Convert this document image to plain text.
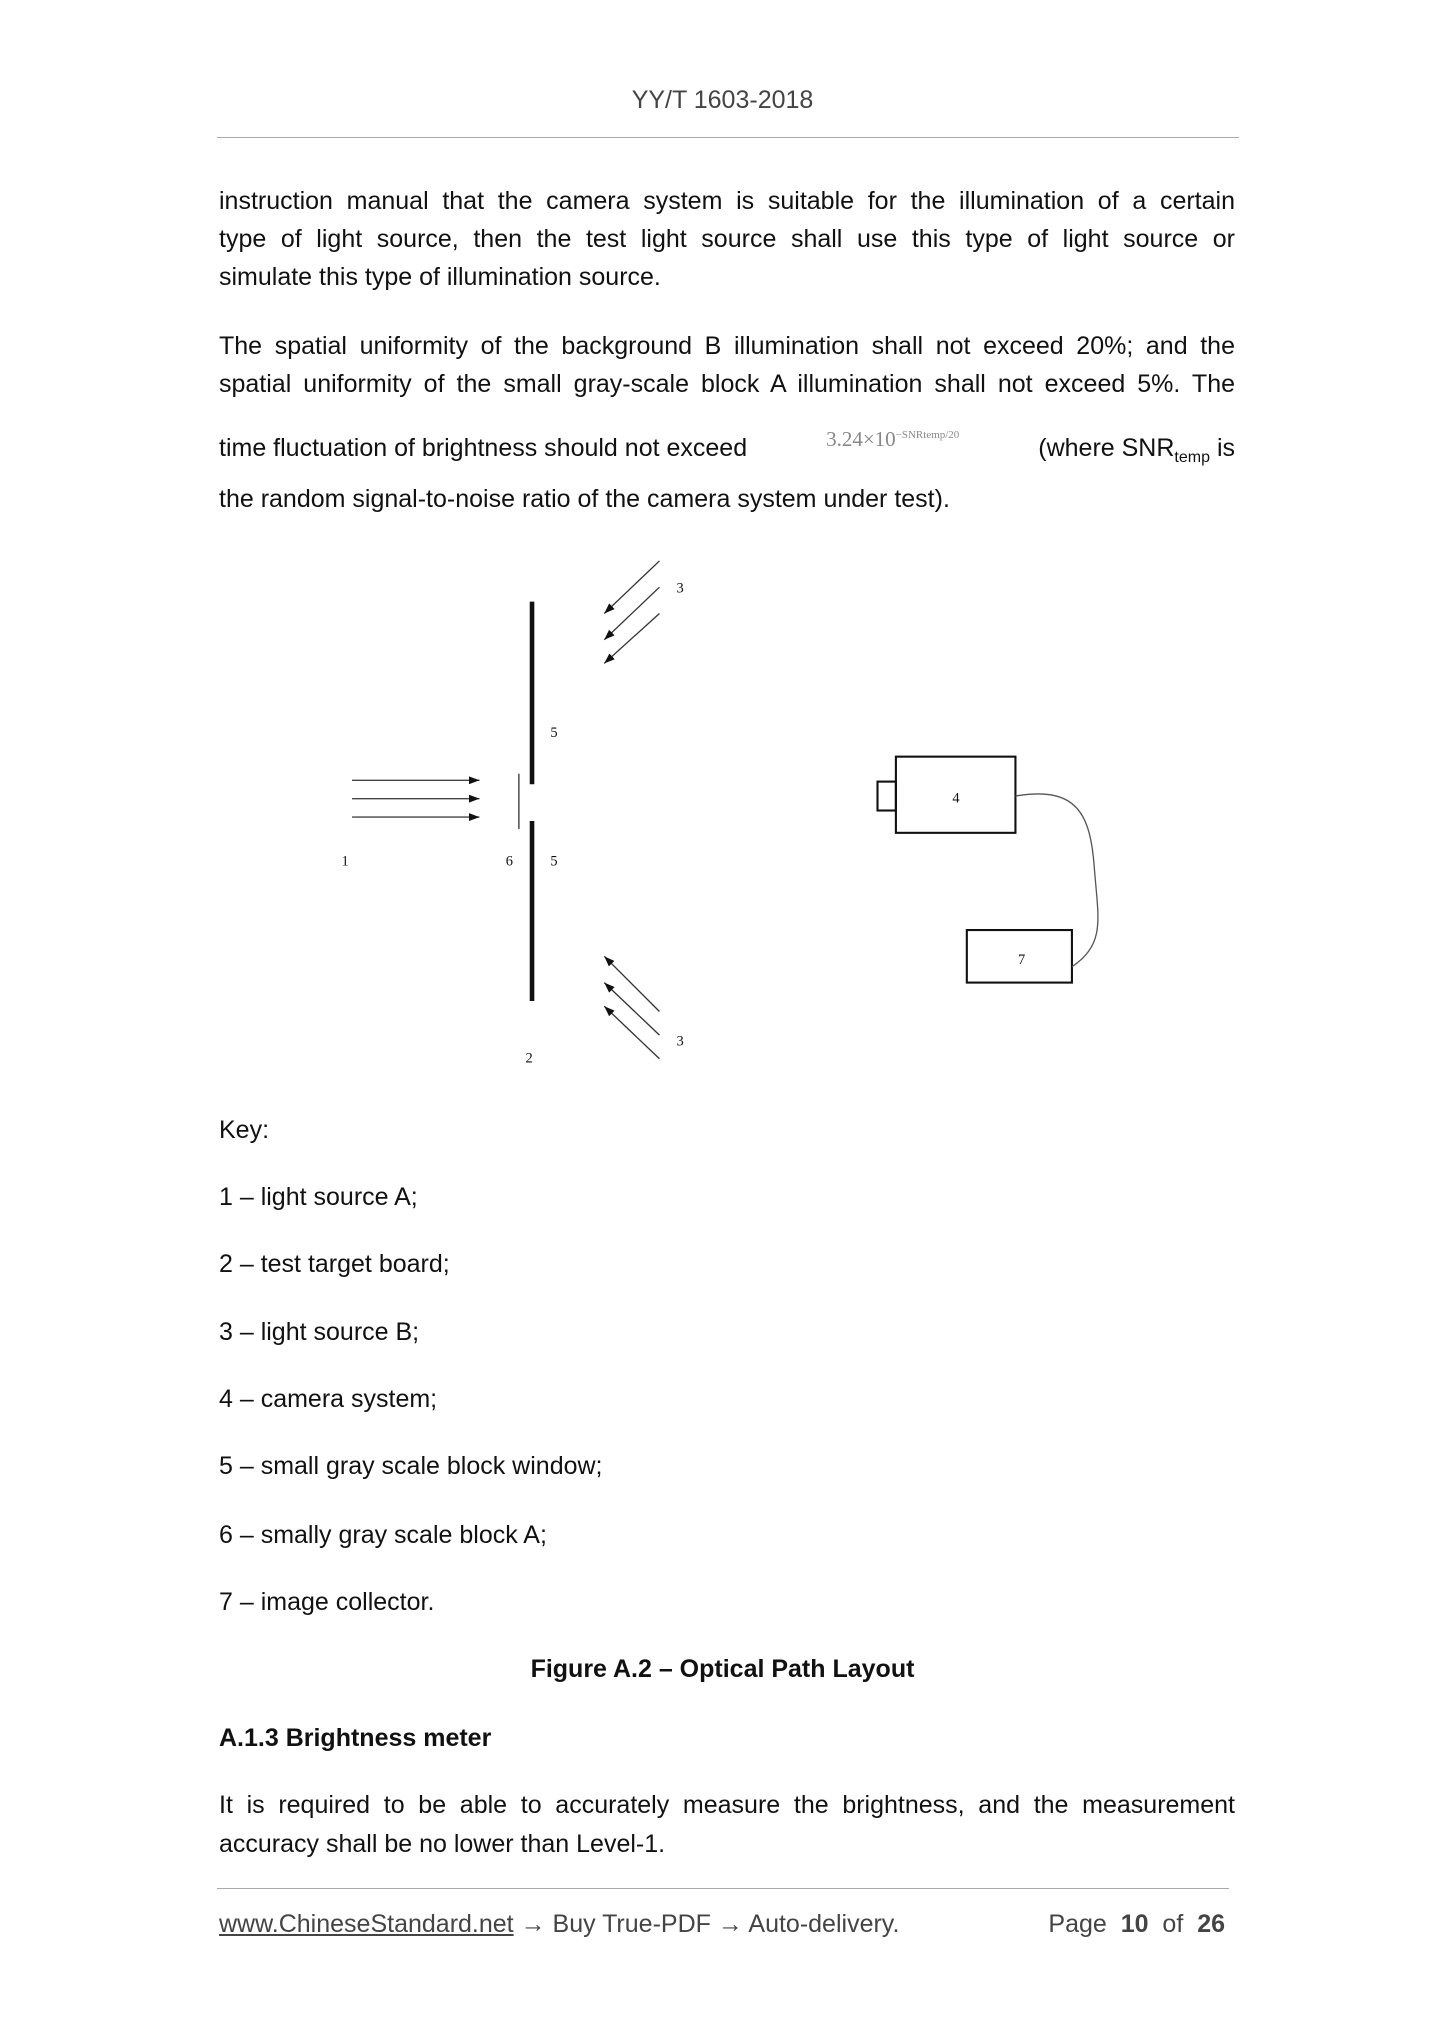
YY/T 1603-2018
instruction manual that the camera system is suitable for the illumination of a certain
type of light source, then the test light source shall use this type of light source or
simulate this type of illumination source.
The spatial uniformity of the background B illumination shall not exceed 20%; and the
spatial uniformity of the small gray-scale block A illumination shall not exceed 5%. The
time fluctuation of brightness should not exceed	$3.24\times 10^{-SNRtemp/20}$	(where $SNR_{temp}$ is
the random signal-to-noise ratio of the camera system under test).
1	6
5
5
2
3
3
4
7
Key:
1 – light source A;
2 – test target board;
3 – light source B;
4 – camera system;
5 – small gray scale block window;
6 – smally gray scale block A;
7 – image collector.
Figure A.2 – Optical Path Layout
A.1.3 Brightness meter
It is required to be able to accurately measure the brightness, and the measurement
accuracy shall be no lower than Level-1.
www.ChineseStandard.net → Buy True-PDF → Auto-delivery.	Page 10 of 26
